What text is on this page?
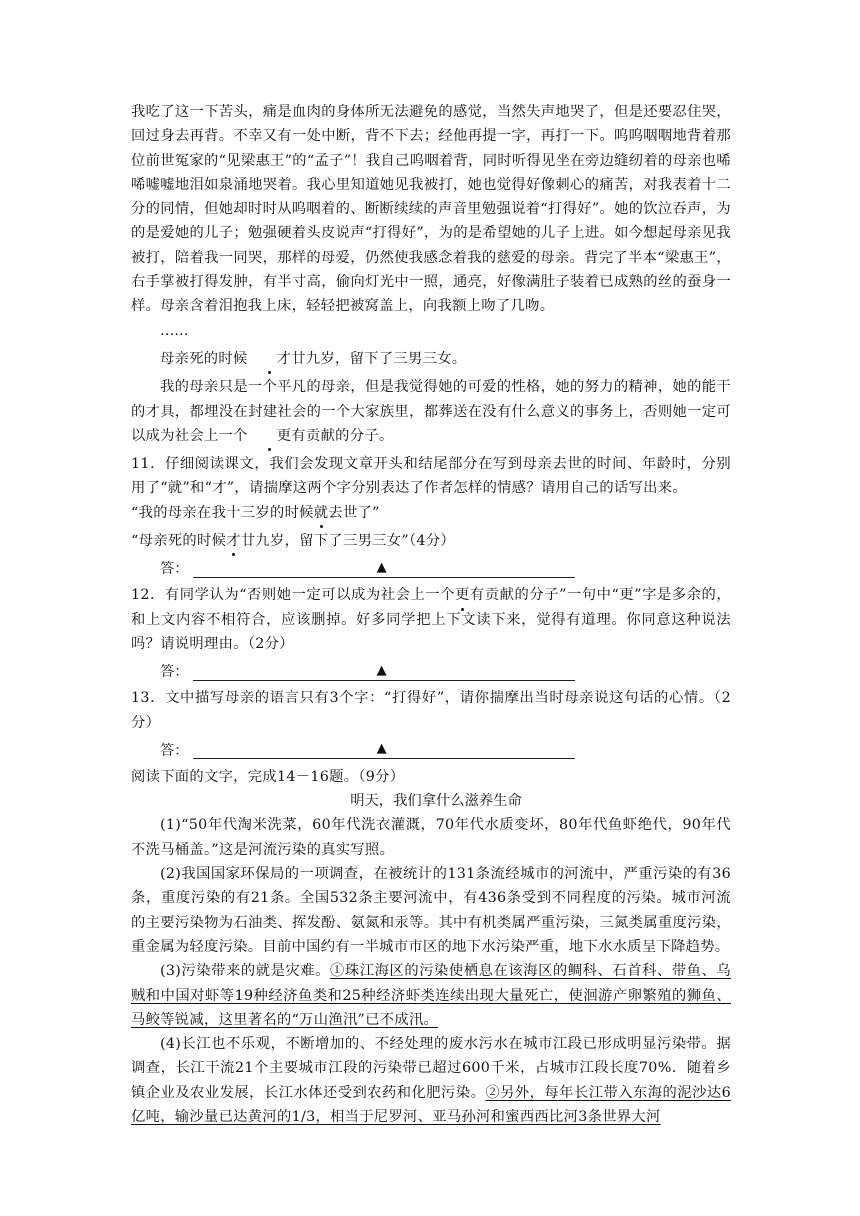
我吃了这一下苦头，痛是血肉的身体所无法避免的感觉，当然失声地哭了，但是还要忍住哭，回过身去再背。不幸又有一处中断，背不下去；经他再提一字，再打一下。呜呜咽咽地背着那位前世冤家的“见梁惠王”的“孟子”！我自己呜咽着背，同时听得见坐在旁边缝纫着的母亲也唏唏嘘嘘地泪如泉涌地哭着。我心里知道她见我被打，她也觉得好像刺心的痛苦，对我表着十二分的同情，但她却时时从呜咽着的、断断续续的声音里勉强说着“打得好”。她的饮泣吞声，为的是爱她的儿子；勉强硬着头皮说声“打得好”，为的是希望她的儿子上进。如今想起母亲见我被打，陪着我一同哭，那样的母爱，仍然使我感念着我的慈爱的母亲。背完了半本“梁惠王”，右手掌被打得发肿，有半寸高，偷向灯光中一照，通亮，好像满肚子装着已成熟的丝的蚕身一样。母亲含着泪抱我上床，轻轻把被窝盖上，向我额上吻了几吻。

……

母亲死的时候 才廿九岁，留下了三男三女。

我的母亲只是一个平凡的母亲，但是我觉得她的可爱的性格，她的努力的精神，她的能干的才具，都埋没在封建社会的一个大家族里，都葬送在没有什么意义的事务上，否则她一定可以成为社会上一个 更有贡献的分子。

11．仔细阅读课文，我们会发现文章开头和结尾部分在写到母亲去世的时间、年龄时，分别用了“就”和“才”，请揣摩这两个字分别表达了作者怎样的情感？请用自己的话写出来。

“我的母亲在我十三岁的时候就去世了”

“母亲死的时候才廿九岁，留下了三男三女”（4分）

答：	▲

12．有同学认为“否则她一定可以成为社会上一个更有贡献的分子”一句中“更”字是多余的，和上文内容不相符合，应该删掉。好多同学把上下文读下来，觉得有道理。你同意这种说法吗？请说明理由。（2分）

答：	▲

13．文中描写母亲的语言只有3个字：“打得好”，请你揣摩出当时母亲说这句话的心情。（2分）

答：	▲

阅读下面的文字，完成14－16题。（9分）

明天，我们拿什么滋养生命

(1)“50年代淘米洗菜，60年代洗衣灌溉，70年代水质变坏，80年代鱼虾绝代，90年代不洗马桶盖。”这是河流污染的真实写照。

(2)我国国家环保局的一项调查，在被统计的131条流经城市的河流中，严重污染的有36条，重度污染的有21条。全国532条主要河流中，有436条受到不同程度的污染。城市河流的主要污染物为石油类、挥发酚、氨氮和汞等。其中有机类属严重污染，三氮类属重度污染，重金属为轻度污染。目前中国约有一半城市市区的地下水污染严重，地下水水质呈下降趋势。

(3)污染带来的就是灾难。①珠江海区的污染使栖息在该海区的鲷科、石首科、带鱼、乌贼和中国对虾等19种经济鱼类和25种经济虾类连续出现大量死亡，使洄游产卵繁殖的狮鱼、马鲛等锐减，这里著名的“万山渔汛”已不成汛。

(4)长江也不乐观，不断增加的、不经处理的废水污水在城市江段已形成明显污染带。据调查，长江干流21个主要城市江段的污染带已超过600千米，占城市江段长度70%．随着乡镇企业及农业发展，长江水体还受到农药和化肥污染。②另外，每年长江带入东海的泥沙达6亿吨，输沙量已达黄河的1/3，相当于尼罗河、亚马孙河和蜜西西比河3条世界大河
